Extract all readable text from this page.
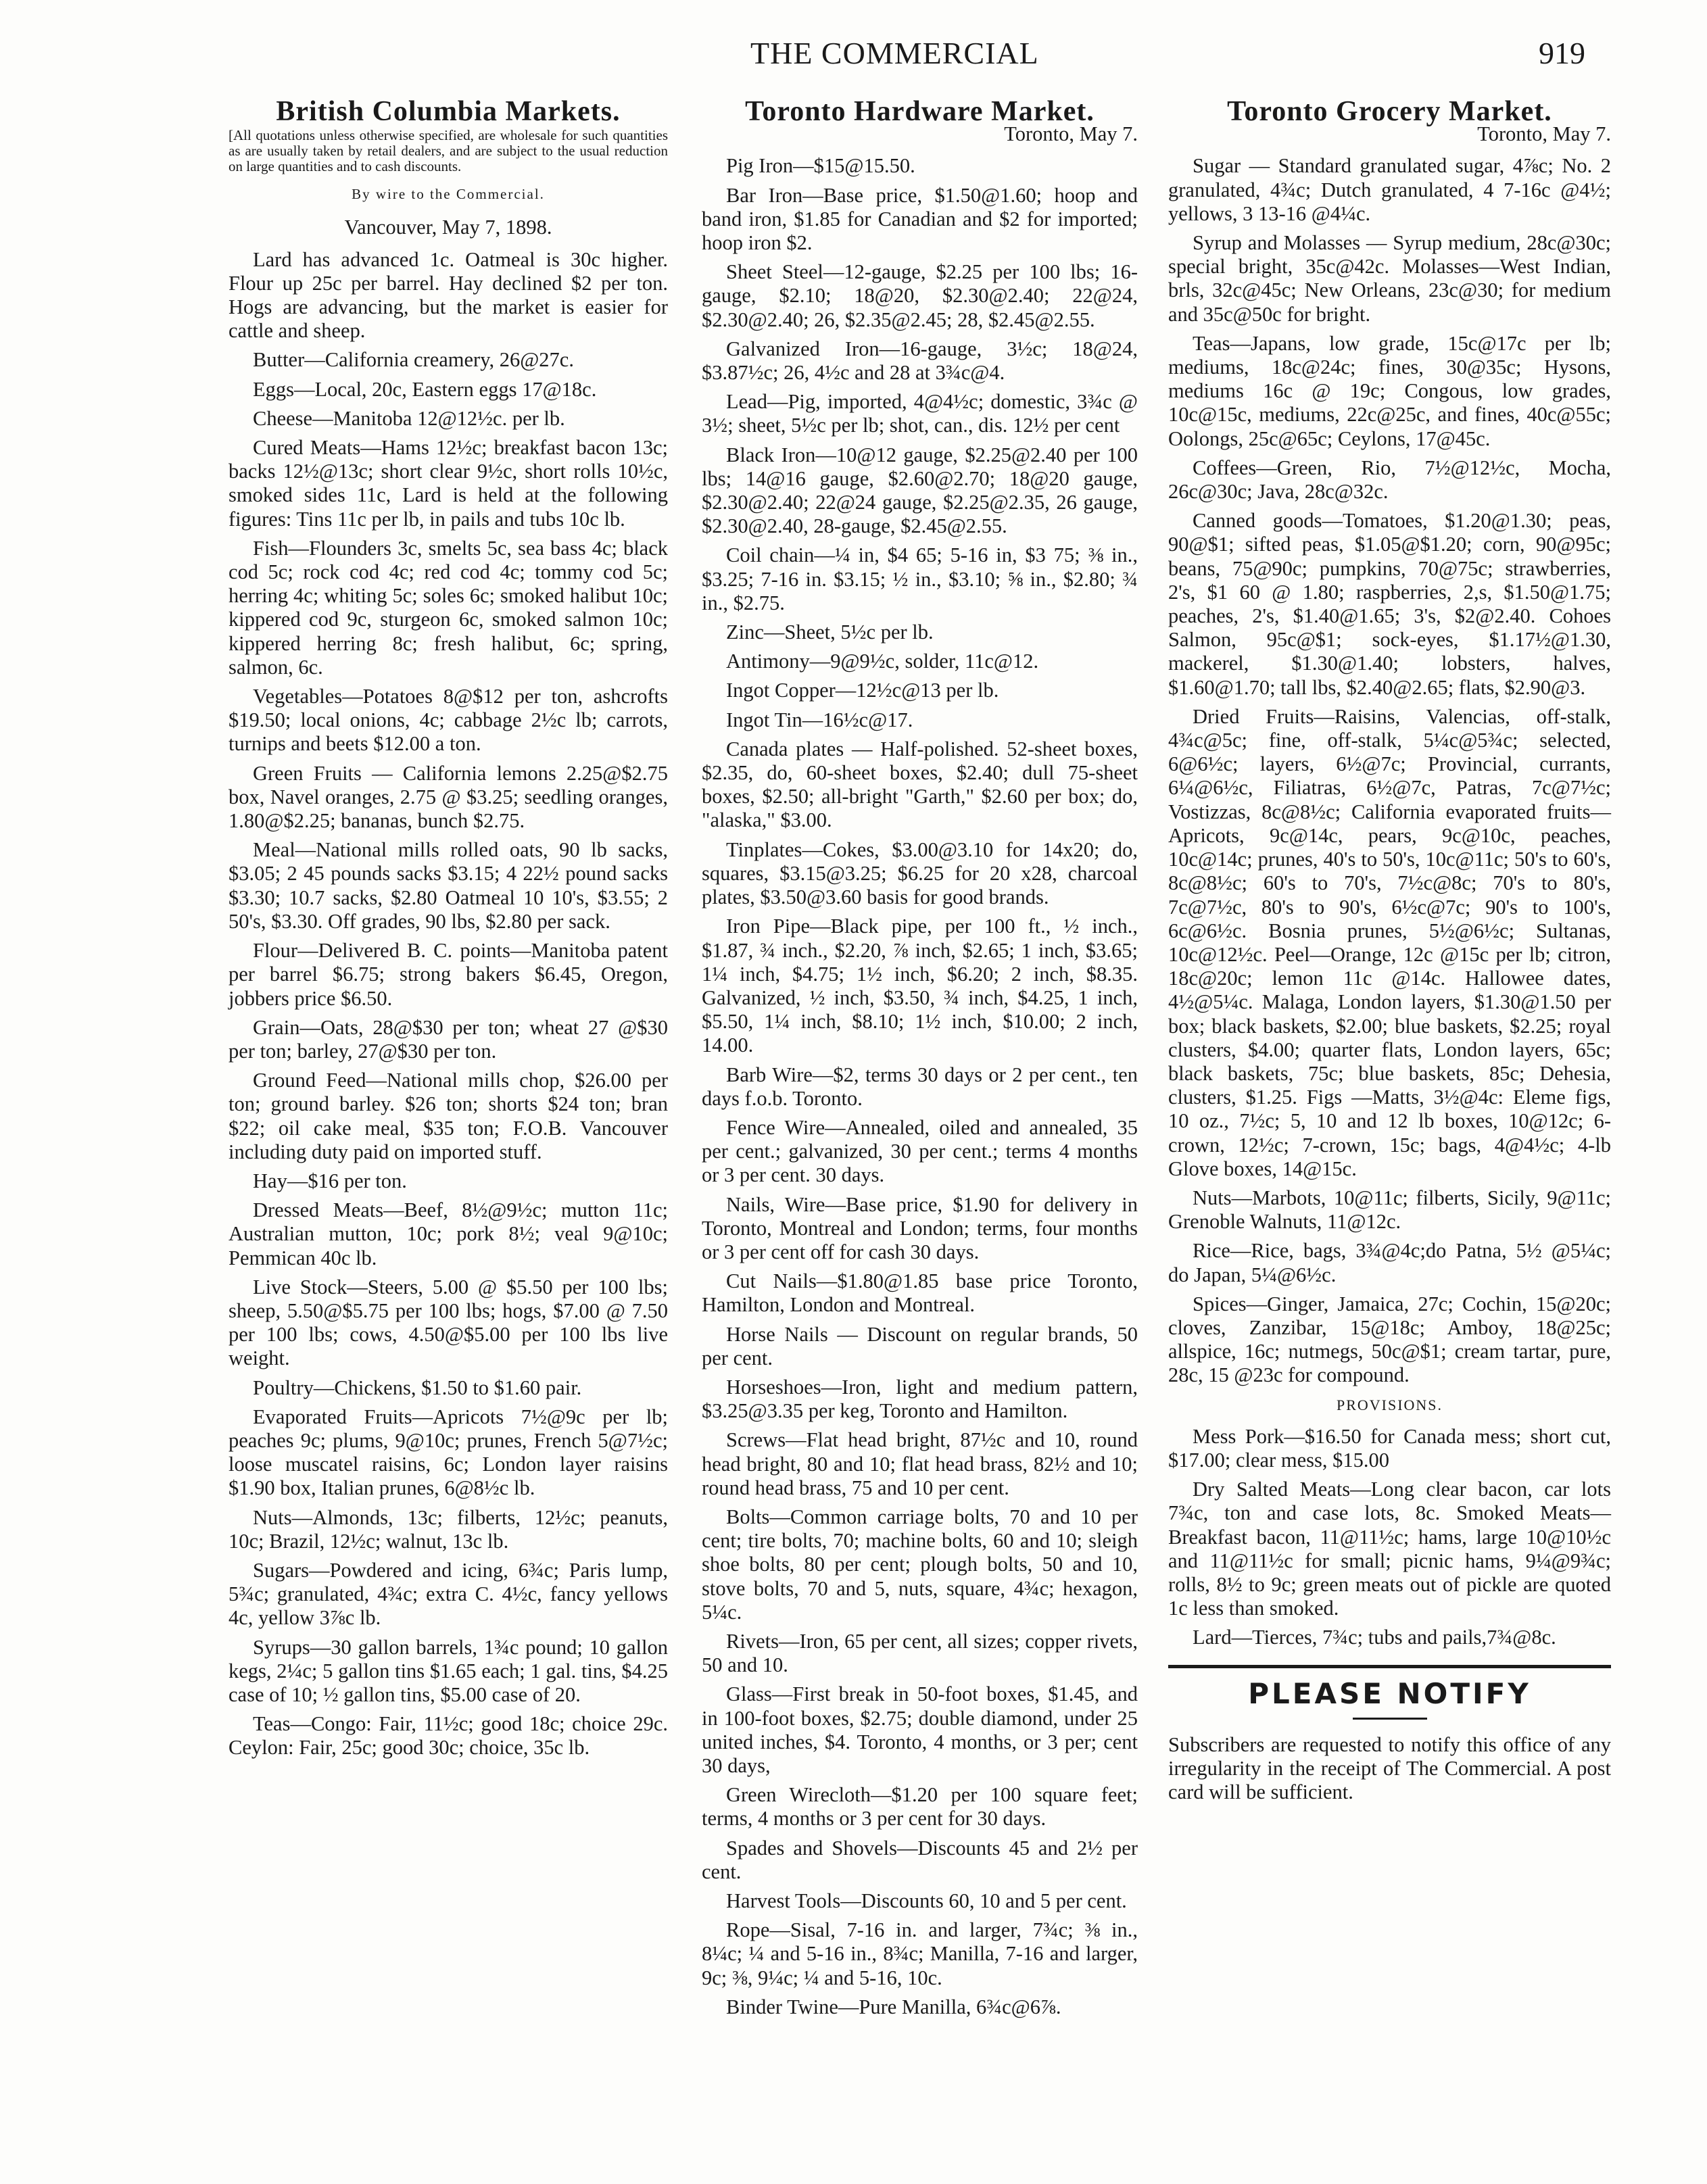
THE COMMERCIAL	919
British Columbia Markets.
[All quotations unless otherwise specified, are wholesale for such quantities as are usually taken by retail dealers, and are subject to the usual reduction on large quantities and to cash discounts.
By wire to the Commercial.
Vancouver, May 7, 1898.

Lard has advanced 1c. Oatmeal is 30c higher. Flour up 25c per barrel. Hay declined $2 per ton. Hogs are advancing, but the market is easier for cattle and sheep.

Butter—California creamery, 26@27c.

Eggs—Local, 20c, Eastern eggs 17@18c.

Cheese—Manitoba 12@12½c. per lb.

Cured Meats—Hams 12½c; breakfast bacon 13c; backs 12½@13c; short clear 9½c, short rolls 10½c, smoked sides 11c, Lard is held at the following figures: Tins 11c per lb, in pails and tubs 10c lb.

Fish—Flounders 3c, smelts 5c, sea bass 4c; black cod 5c; rock cod 4c; red cod 4c; tommy cod 5c; herring 4c; whiting 5c; soles 6c; smoked halibut 10c; kippered cod 9c, sturgeon 6c, smoked salmon 10c; kippered herring 8c; fresh halibut, 6c; spring, salmon, 6c.

Vegetables—Potatoes 8@$12 per ton, ashcrofts $19.50; local onions, 4c; cabbage 2½c lb; carrots, turnips and beets $12.00 a ton.

Green Fruits — California lemons 2.25@$2.75 box, Navel oranges, 2.75 @ $3.25; seedling oranges, 1.80@$2.25; bananas, bunch $2.75.

Meal—National mills rolled oats, 90 lb sacks, $3.05; 2 45 pounds sacks $3.15; 4 22½ pound sacks $3.30; 10.7 sacks, $2.80 Oatmeal 10 10's, $3.55; 2 50's, $3.30. Off grades, 90 lbs, $2.80 per sack.

Flour—Delivered B. C. points—Manitoba patent per barrel $6.75; strong bakers $6.45, Oregon, jobbers price $6.50.

Grain—Oats, 28@$30 per ton; wheat 27 @$30 per ton; barley, 27@$30 per ton.

Ground Feed—National mills chop, $26.00 per ton; ground barley. $26 ton; shorts $24 ton; bran $22; oil cake meal, $35 ton; F.O.B. Vancouver including duty paid on imported stuff.

Hay—$16 per ton.

Dressed Meats—Beef, 8½@9½c; mutton 11c; Australian mutton, 10c; pork 8½; veal 9@10c; Pemmican 40c lb.

Live Stock—Steers, 5.00 @ $5.50 per 100 lbs; sheep, 5.50@$5.75 per 100 lbs; hogs, $7.00 @ 7.50 per 100 lbs; cows, 4.50@$5.00 per 100 lbs live weight.

Poultry—Chickens, $1.50 to $1.60 pair.

Evaporated Fruits—Apricots 7½@9c per lb; peaches 9c; plums, 9@10c; prunes, French 5@7½c; loose muscatel raisins, 6c; London layer raisins $1.90 box, Italian prunes, 6@8½c lb.

Nuts—Almonds, 13c; filberts, 12½c; peanuts, 10c; Brazil, 12½c; walnut, 13c lb.

Sugars—Powdered and icing, 6¾c; Paris lump, 5¾c; granulated, 4¾c; extra C. 4½c, fancy yellows 4c, yellow 3⅞c lb.

Syrups—30 gallon barrels, 1¾c pound; 10 gallon kegs, 2¼c; 5 gallon tins $1.65 each; 1 gal. tins, $4.25 case of 10; ½ gallon tins, $5.00 case of 20.

Teas—Congo: Fair, 11½c; good 18c; choice 29c. Ceylon: Fair, 25c; good 30c; choice, 35c lb.

Toronto Hardware Market.
Toronto, May 7.

Pig Iron—$15@15.50.

Bar Iron—Base price, $1.50@1.60; hoop and band iron, $1.85 for Canadian and $2 for imported; hoop iron $2.

Sheet Steel—12-gauge, $2.25 per 100 lbs; 16-gauge, $2.10; 18@20, $2.30@2.40; 22@24, $2.30@2.40; 26, $2.35@2.45; 28, $2.45@2.55.

Galvanized Iron—16-gauge, 3½c; 18@24, $3.87½c; 26, 4½c and 28 at 3¾c@4.

Lead—Pig, imported, 4@4½c; domestic, 3¾c @ 3½; sheet, 5½c per lb; shot, can., dis. 12½ per cent

Black Iron—10@12 gauge, $2.25@2.40 per 100 lbs; 14@16 gauge, $2.60@2.70; 18@20 gauge, $2.30@2.40; 22@24 gauge, $2.25@2.35, 26 gauge, $2.30@2.40, 28-gauge, $2.45@2.55.

Coil chain—¼ in, $4 65; 5-16 in, $3 75; ⅜ in., $3.25; 7-16 in. $3.15; ½ in., $3.10; ⅝ in., $2.80; ¾ in., $2.75.

Zinc—Sheet, 5½c per lb.

Antimony—9@9½c, solder, 11c@12.

Ingot Copper—12½c@13 per lb.

Ingot Tin—16½c@17.

Canada plates — Half-polished. 52-sheet boxes, $2.35, do, 60-sheet boxes, $2.40; dull 75-sheet boxes, $2.50; all-bright "Garth," $2.60 per box; do, "alaska," $3.00.

Tinplates—Cokes, $3.00@3.10 for 14x20; do, squares, $3.15@3.25; $6.25 for 20 x28, charcoal plates, $3.50@3.60 basis for good brands.

Iron Pipe—Black pipe, per 100 ft., ½ inch., $1.87, ¾ inch., $2.20, ⅞ inch, $2.65; 1 inch, $3.65; 1¼ inch, $4.75; 1½ inch, $6.20; 2 inch, $8.35. Galvanized, ½ inch, $3.50, ¾ inch, $4.25, 1 inch, $5.50, 1¼ inch, $8.10; 1½ inch, $10.00; 2 inch, 14.00.

Barb Wire—$2, terms 30 days or 2 per cent., ten days f.o.b. Toronto.

Fence Wire—Annealed, oiled and annealed, 35 per cent.; galvanized, 30 per cent.; terms 4 months or 3 per cent. 30 days.

Nails, Wire—Base price, $1.90 for delivery in Toronto, Montreal and London; terms, four months or 3 per cent off for cash 30 days.

Cut Nails—$1.80@1.85 base price Toronto, Hamilton, London and Montreal.

Horse Nails — Discount on regular brands, 50 per cent.

Horseshoes—Iron, light and medium pattern, $3.25@3.35 per keg, Toronto and Hamilton.

Screws—Flat head bright, 87½c and 10, round head bright, 80 and 10; flat head brass, 82½ and 10; round head brass, 75 and 10 per cent.

Bolts—Common carriage bolts, 70 and 10 per cent; tire bolts, 70; machine bolts, 60 and 10; sleigh shoe bolts, 80 per cent; plough bolts, 50 and 10, stove bolts, 70 and 5, nuts, square, 4¾c; hexagon, 5¼c.

Rivets—Iron, 65 per cent, all sizes; copper rivets, 50 and 10.

Glass—First break in 50-foot boxes, $1.45, and in 100-foot boxes, $2.75; double diamond, under 25 united inches, $4. Toronto, 4 months, or 3 per; cent 30 days,

Green Wirecloth—$1.20 per 100 square feet; terms, 4 months or 3 per cent for 30 days.

Spades and Shovels—Discounts 45 and 2½ per cent.

Harvest Tools—Discounts 60, 10 and 5 per cent.

Rope—Sisal, 7-16 in. and larger, 7¾c; ⅜ in., 8¼c; ¼ and 5-16 in., 8¾c; Manilla, 7-16 and larger, 9c; ⅜, 9¼c; ¼ and 5-16, 10c.

Binder Twine—Pure Manilla, 6¾c@6⅞.

Toronto Grocery Market.
Toronto, May 7.

Sugar — Standard granulated sugar, 4⅞c; No. 2 granulated, 4¾c; Dutch granulated, 4 7-16c @4½; yellows, 3 13-16 @4¼c.

Syrup and Molasses — Syrup medium, 28c@30c; special bright, 35c@42c. Molasses—West Indian, brls, 32c@45c; New Orleans, 23c@30; for medium and 35c@50c for bright.

Teas—Japans, low grade, 15c@17c per lb; mediums, 18c@24c; fines, 30@35c; Hysons, mediums 16c @ 19c; Congous, low grades, 10c@15c, mediums, 22c@25c, and fines, 40c@55c; Oolongs, 25c@65c; Ceylons, 17@45c.

Coffees—Green, Rio, 7½@12½c, Mocha, 26c@30c; Java, 28c@32c.

Canned goods—Tomatoes, $1.20@1.30; peas, 90@$1; sifted peas, $1.05@$1.20; corn, 90@95c; beans, 75@90c; pumpkins, 70@75c; strawberries, 2's, $1 60 @ 1.80; raspberries, 2,s, $1.50@1.75; peaches, 2's, $1.40@1.65; 3's, $2@2.40. Cohoes Salmon, 95c@$1; sock-eyes, $1.17½@1.30, mackerel, $1.30@1.40; lobsters, halves, $1.60@1.70; tall lbs, $2.40@2.65; flats, $2.90@3.

Dried Fruits—Raisins, Valencias, off-stalk, 4¾c@5c; fine, off-stalk, 5¼c@5¾c; selected, 6@6½c; layers, 6½@7c; Provincial, currants, 6¼@6½c, Filiatras, 6½@7c, Patras, 7c@7½c; Vostizzas, 8c@8½c; California evaporated fruits—Apricots, 9c@14c, pears, 9c@10c, peaches, 10c@14c; prunes, 40's to 50's, 10c@11c; 50's to 60's, 8c@8½c; 60's to 70's, 7½c@8c; 70's to 80's, 7c@7½c, 80's to 90's, 6½c@7c; 90's to 100's, 6c@6½c. Bosnia prunes, 5½@6½c; Sultanas, 10c@12½c. Peel—Orange, 12c @15c per lb; citron, 18c@20c; lemon 11c @14c. Hallowee dates, 4½@5¼c. Malaga, London layers, $1.30@1.50 per box; black baskets, $2.00; blue baskets, $2.25; royal clusters, $4.00; quarter flats, London layers, 65c; black baskets, 75c; blue baskets, 85c; Dehesia, clusters, $1.25. Figs —Matts, 3½@4c: Eleme figs, 10 oz., 7½c; 5, 10 and 12 lb boxes, 10@12c; 6-crown, 12½c; 7-crown, 15c; bags, 4@4½c; 4-lb Glove boxes, 14@15c.

Nuts—Marbots, 10@11c; filberts, Sicily, 9@11c; Grenoble Walnuts, 11@12c.

Rice—Rice, bags, 3¾@4c;do Patna, 5½ @5¼c; do Japan, 5¼@6½c.

Spices—Ginger, Jamaica, 27c; Cochin, 15@20c; cloves, Zanzibar, 15@18c; Amboy, 18@25c; allspice, 16c; nutmegs, 50c@$1; cream tartar, pure, 28c, 15 @23c for compound.

PROVISIONS.

Mess Pork—$16.50 for Canada mess; short cut, $17.00; clear mess, $15.00

Dry Salted Meats—Long clear bacon, car lots 7¾c, ton and case lots, 8c. Smoked Meats—Breakfast bacon, 11@11½c; hams, large 10@10½c and 11@11½c for small; picnic hams, 9¼@9¾c; rolls, 8½ to 9c; green meats out of pickle are quoted 1c less than smoked.

Lard—Tierces, 7¾c; tubs and pails,7¾@8c.

PLEASE NOTIFY

Subscribers are requested to notify this office of any irregularity in the receipt of The Commercial. A post card will be sufficient.
